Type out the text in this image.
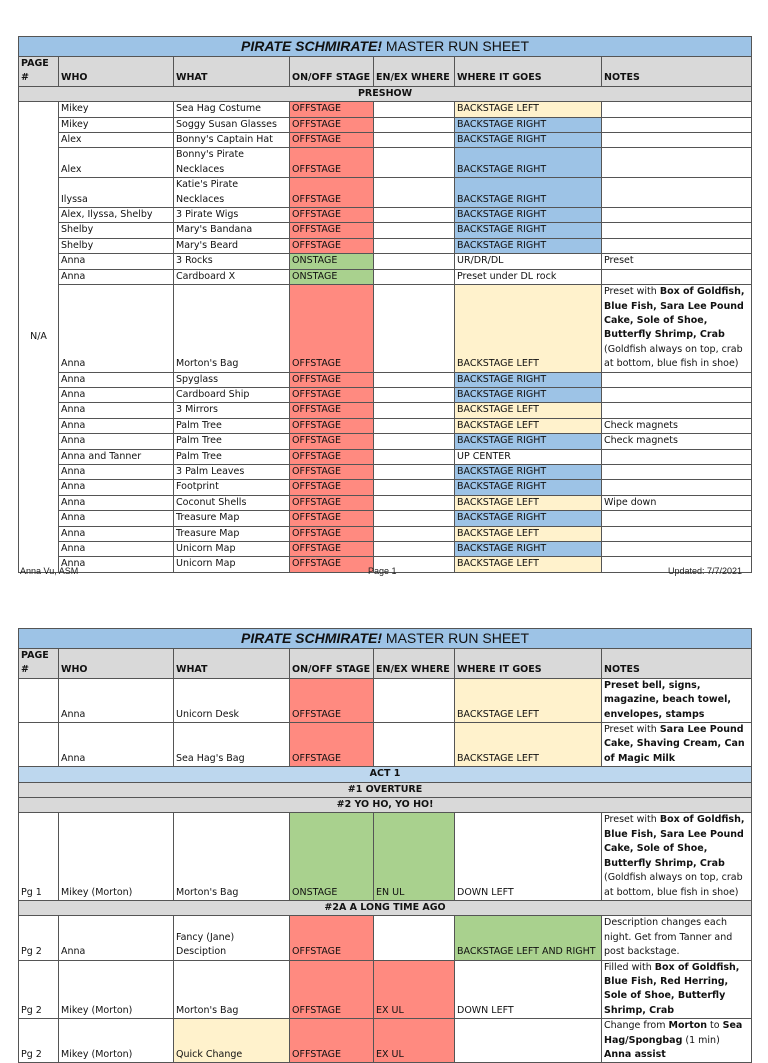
PIRATE SCHMIRATE! MASTER RUN SHEET						
PAGE #	WHO	WHAT	ON/OFF STAGE	EN/EX WHERE	WHERE IT GOES	NOTES
PRESHOW						
N/A	Mikey	Sea Hag Costume	OFFSTAGE		BACKSTAGE LEFT	
	Mikey	Soggy Susan Glasses	OFFSTAGE		BACKSTAGE RIGHT	
	Alex	Bonny's Captain Hat	OFFSTAGE		BACKSTAGE RIGHT	
	Alex	Bonny's Pirate Necklaces	OFFSTAGE		BACKSTAGE RIGHT	
	Ilyssa	Katie's Pirate Necklaces	OFFSTAGE		BACKSTAGE RIGHT	
	Alex, Ilyssa, Shelby	3 Pirate Wigs	OFFSTAGE		BACKSTAGE RIGHT	
	Shelby	Mary's Bandana	OFFSTAGE		BACKSTAGE RIGHT	
	Shelby	Mary's Beard	OFFSTAGE		BACKSTAGE RIGHT	
	Anna	3 Rocks	ONSTAGE		UR/DR/DL	Preset
	Anna	Cardboard X	ONSTAGE		Preset under DL rock	
	Anna	Morton's Bag	OFFSTAGE		BACKSTAGE LEFT	Preset with Box of Goldfish, Blue Fish, Sara Lee Pound Cake, Sole of Shoe, Butterfly Shrimp, Crab (Goldfish always on top, crab at bottom, blue fish in shoe)
	Anna	Spyglass	OFFSTAGE		BACKSTAGE RIGHT	
	Anna	Cardboard Ship	OFFSTAGE		BACKSTAGE RIGHT	
	Anna	3 Mirrors	OFFSTAGE		BACKSTAGE LEFT	
	Anna	Palm Tree	OFFSTAGE		BACKSTAGE LEFT	Check magnets
	Anna	Palm Tree	OFFSTAGE		BACKSTAGE RIGHT	Check magnets
	Anna and Tanner	Palm Tree	OFFSTAGE		UP CENTER	
	Anna	3 Palm Leaves	OFFSTAGE		BACKSTAGE RIGHT	
	Anna	Footprint	OFFSTAGE		BACKSTAGE RIGHT	
	Anna	Coconut Shells	OFFSTAGE		BACKSTAGE LEFT	Wipe down
	Anna	Treasure Map	OFFSTAGE		BACKSTAGE RIGHT	
	Anna	Treasure Map	OFFSTAGE		BACKSTAGE LEFT	
	Anna	Unicorn Map	OFFSTAGE		BACKSTAGE RIGHT	
	Anna	Unicorn Map	OFFSTAGE		BACKSTAGE LEFT	
Anna Vu, ASM	Page 1	Updated: 7/7/2021
PIRATE SCHMIRATE! MASTER RUN SHEET						
PAGE #	WHO	WHAT	ON/OFF STAGE	EN/EX WHERE	WHERE IT GOES	NOTES
	Anna	Unicorn Desk	OFFSTAGE		BACKSTAGE LEFT	Preset bell, signs, magazine, beach towel, envelopes, stamps
	Anna	Sea Hag's Bag	OFFSTAGE		BACKSTAGE LEFT	Preset with Sara Lee Pound Cake, Shaving Cream, Can of Magic Milk
ACT 1						
#1 OVERTURE						
#2 YO HO, YO HO!						
Pg 1	Mikey (Morton)	Morton's Bag	ONSTAGE	EN UL	DOWN LEFT	Preset with Box of Goldfish, Blue Fish, Sara Lee Pound Cake, Sole of Shoe, Butterfly Shrimp, Crab (Goldfish always on top, crab at bottom, blue fish in shoe)
#2A A LONG TIME AGO						
Pg 2	Anna	Fancy (Jane) Desciption	OFFSTAGE		BACKSTAGE LEFT AND RIGHT	Description changes each night. Get from Tanner and post backstage.
Pg 2	Mikey (Morton)	Morton's Bag	OFFSTAGE	EX UL	DOWN LEFT	Filled with Box of Goldfish, Blue Fish, Red Herring, Sole of Shoe, Butterfly Shrimp, Crab
Pg 2	Mikey (Morton)	Quick Change	OFFSTAGE	EX UL		Change from Morton to Sea Hag/Spongbag (1 min) Anna assist
